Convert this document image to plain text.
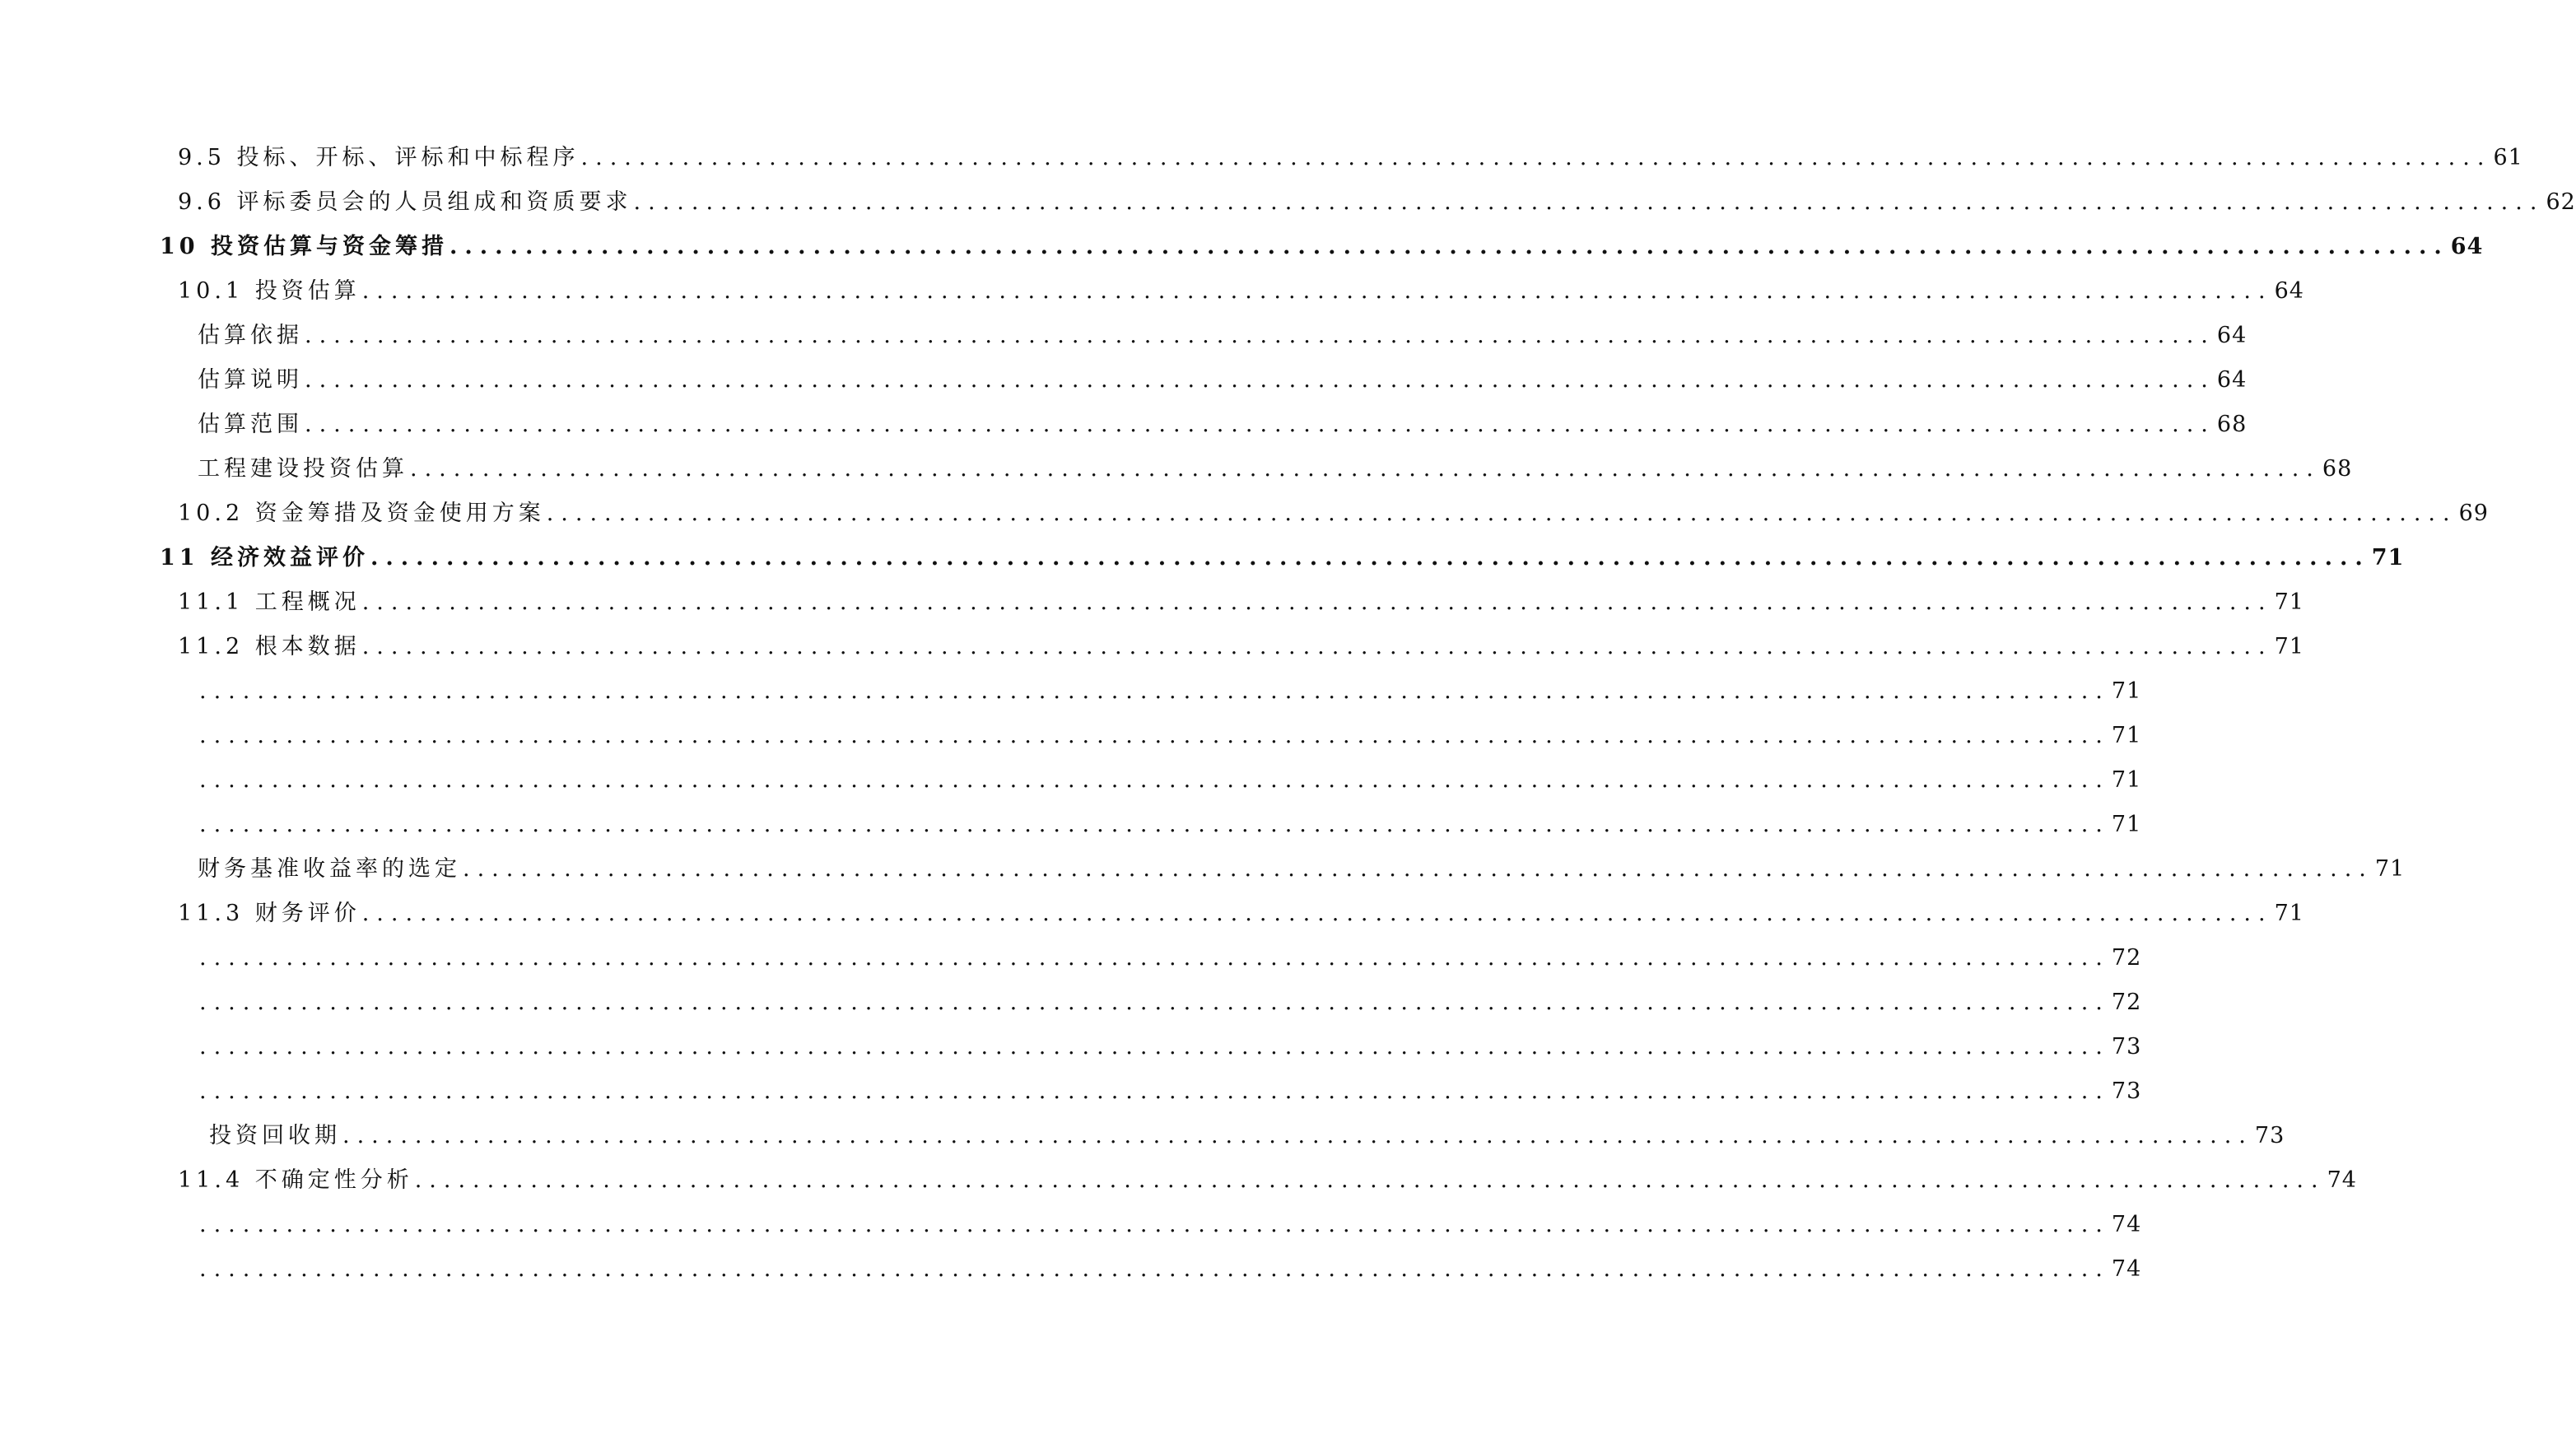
9.5 投标、开标、评标和中标程序 .................................................................................................................................... 61
9.6 评标委员会的人员组成和资质要求 .................................................................................................................................... 62
10 投资估算与资金筹措 .................................................................................................................................... 64
10.1 投资估算 .................................................................................................................................... 64
估算依据 .................................................................................................................................... 64
估算说明 .................................................................................................................................... 64
估算范围 .................................................................................................................................... 68
工程建设投资估算 .................................................................................................................................... 68
10.2 资金筹措及资金使用方案 .................................................................................................................................... 69
11 经济效益评价 .................................................................................................................................... 71
11.1 工程概况 .................................................................................................................................... 71
11.2 根本数据 .................................................................................................................................... 71
.................................................................................................................................... 71
.................................................................................................................................... 71
.................................................................................................................................... 71
.................................................................................................................................... 71
财务基准收益率的选定 .................................................................................................................................... 71
11.3 财务评价 .................................................................................................................................... 71
.................................................................................................................................... 72
.................................................................................................................................... 72
.................................................................................................................................... 73
.................................................................................................................................... 73
投资回收期 .................................................................................................................................... 73
11.4 不确定性分析 .................................................................................................................................... 74
.................................................................................................................................... 74
.................................................................................................................................... 74
